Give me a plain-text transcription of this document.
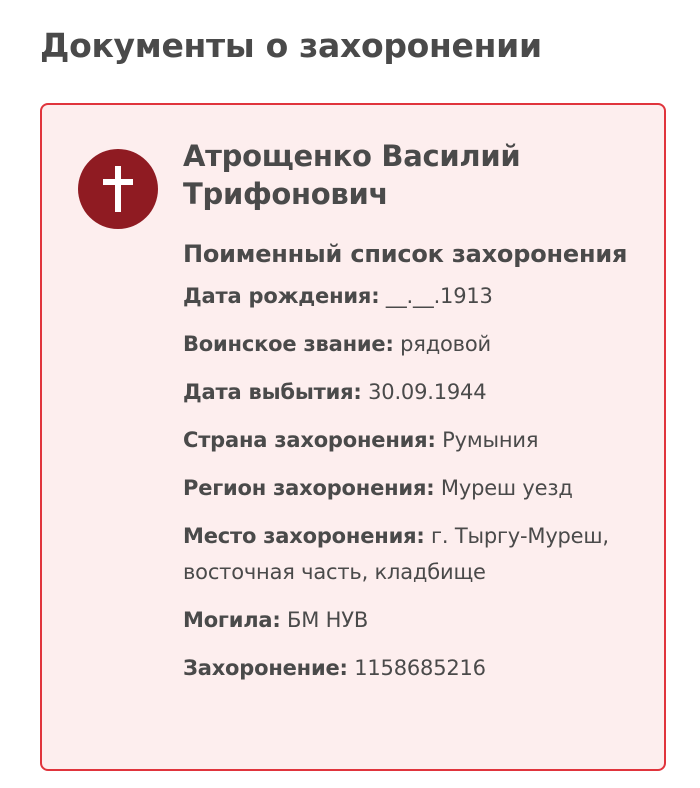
Документы о захоронении
Атрощенко Василий Трифонович
Поименный список захоронения
Дата рождения: __.__.1913
Воинское звание: рядовой
Дата выбытия: 30.09.1944
Страна захоронения: Румыния
Регион захоронения: Муреш уезд
Место захоронения: г. Тыргу-Муреш, восточная часть, кладбище
Могила: БМ НУВ
Захоронение: 1158685216
